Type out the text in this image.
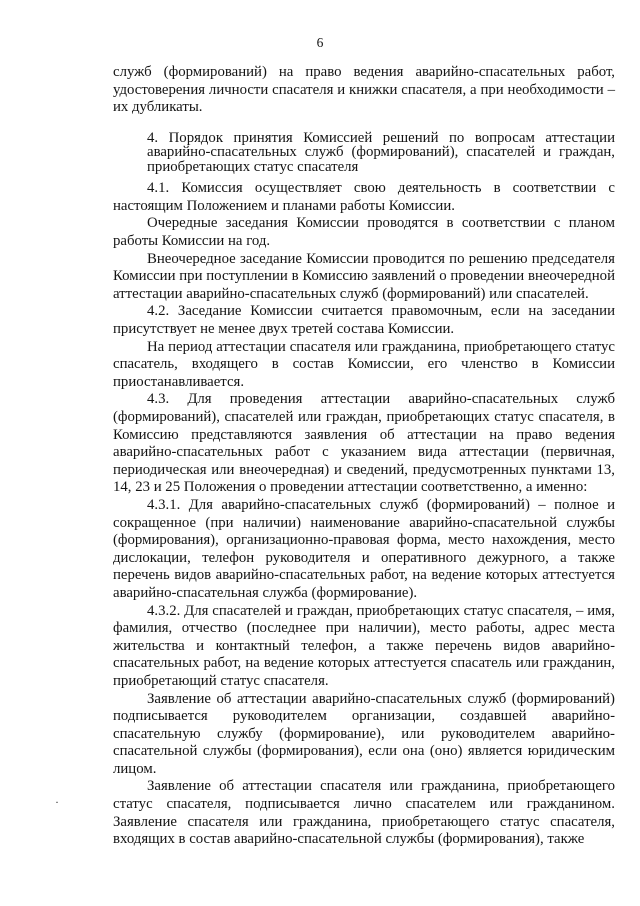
6

служб (формирований) на право ведения аварийно-спасательных работ, удостоверения личности спасателя и книжки спасателя, а при необходимости – их дубликаты.

4. Порядок принятия Комиссией решений по вопросам аттестации аварийно-спасательных служб (формирований), спасателей и граждан, приобретающих статус спасателя

4.1. Комиссия осуществляет свою деятельность в соответствии с настоящим Положением и планами работы Комиссии.

Очередные заседания Комиссии проводятся в соответствии с планом работы Комиссии на год.

Внеочередное заседание Комиссии проводится по решению председателя Комиссии при поступлении в Комиссию заявлений о проведении внеочередной аттестации аварийно-спасательных служб (формирований) или спасателей.

4.2. Заседание Комиссии считается правомочным, если на заседании присутствует не менее двух третей состава Комиссии.

На период аттестации спасателя или гражданина, приобретающего статус спасатель, входящего в состав Комиссии, его членство в Комиссии приостанавливается.

4.3. Для проведения аттестации аварийно-спасательных служб (формирований), спасателей или граждан, приобретающих статус спасателя, в Комиссию представляются заявления об аттестации на право ведения аварийно-спасательных работ с указанием вида аттестации (первичная, периодическая или внеочередная) и сведений, предусмотренных пунктами 13, 14, 23 и 25 Положения о проведении аттестации соответственно, а именно:

4.3.1. Для аварийно-спасательных служб (формирований) – полное и сокращенное (при наличии) наименование аварийно-спасательной службы (формирования), организационно-правовая форма, место нахождения, место дислокации, телефон руководителя и оперативного дежурного, а также перечень видов аварийно-спасательных работ, на ведение которых аттестуется аварийно-спасательная служба (формирование).

4.3.2. Для спасателей и граждан, приобретающих статус спасателя, – имя, фамилия, отчество (последнее при наличии), место работы, адрес места жительства и контактный телефон, а также перечень видов аварийно-спасательных работ, на ведение которых аттестуется спасатель или гражданин, приобретающий статус спасателя.

Заявление об аттестации аварийно-спасательных служб (формирований) подписывается руководителем организации, создавшей аварийно-спасательную службу (формирование), или руководителем аварийно-спасательной службы (формирования), если она (оно) является юридическим лицом.

Заявление об аттестации спасателя или гражданина, приобретающего статус спасателя, подписывается лично спасателем или гражданином. Заявление спасателя или гражданина, приобретающего статус спасателя, входящих в состав аварийно-спасательной службы (формирования), также

·
